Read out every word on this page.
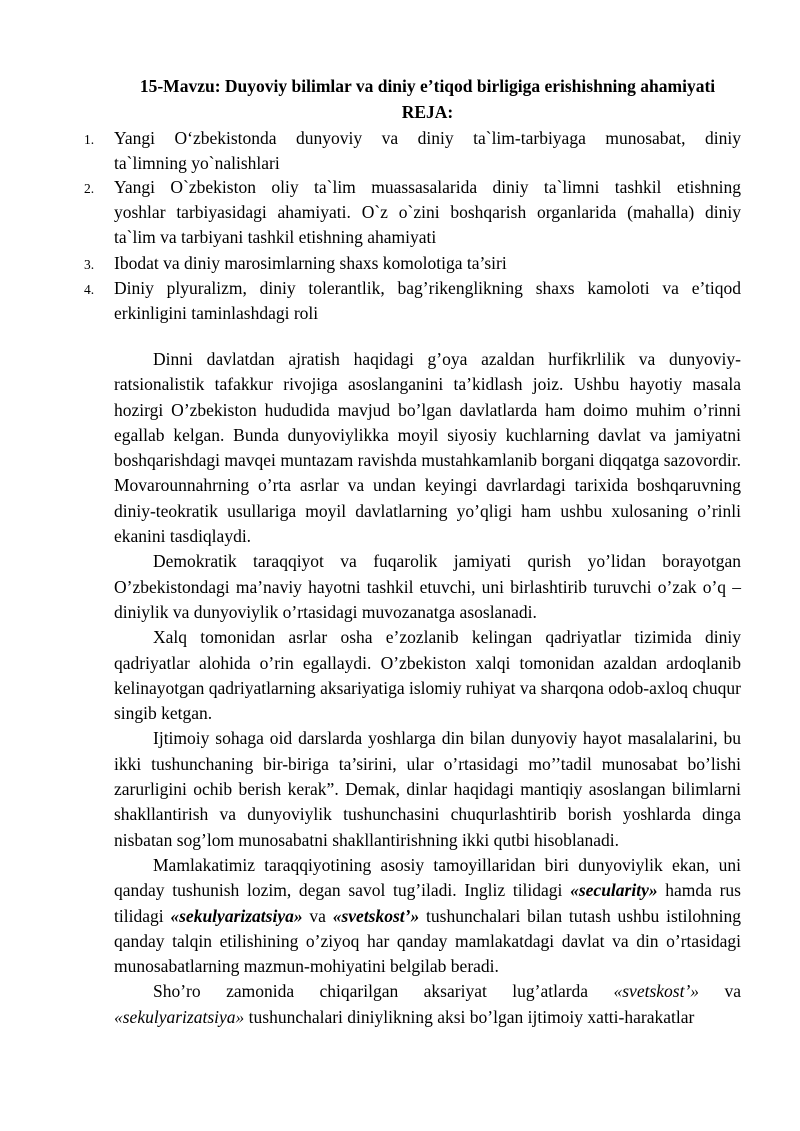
15-Mavzu: Duyoviy bilimlar va diniy e’tiqod birligiga erishishning ahamiyati
REJA:
1.	Yangi O‘zbekistonda dunyoviy va diniy ta`lim-tarbiyaga munosabat, diniy
ta`limning yo`nalishlari
2.	Yangi O`zbekiston oliy ta`lim muassasalarida diniy ta`limni tashkil etishning
yoshlar tarbiyasidagi ahamiyati. O`z o`zini boshqarish organlarida (mahalla) diniy
ta`lim va tarbiyani tashkil etishning ahamiyati
3.	Ibodat va diniy marosimlarning shaxs komolotiga ta’siri
4.	Diniy plyuralizm, diniy tolerantlik, bag’rikenglikning shaxs kamoloti va e’tiqod
erkinligini taminlashdagi roli

Dinni davlatdan ajratish haqidagi g’oya azaldan hurfikrlilik va dunyoviy-ratsionalistik tafakkur rivojiga asoslanganini ta’kidlash joiz. Ushbu hayotiy masala hozirgi O’zbekiston hududida mavjud bo’lgan davlatlarda ham doimo muhim o’rinni egallab kelgan. Bunda dunyoviylikka moyil siyosiy kuchlarning davlat va jamiyatni boshqarishdagi mavqei muntazam ravishda mustahkamlanib borgani diqqatga sazovordir. Movarounnahrning o’rta asrlar va undan keyingi davrlardagi tarixida boshqaruvning diniy-teokratik usullariga moyil davlatlarning yo’qligi ham ushbu xulosaning o’rinli ekanini tasdiqlaydi.

Demokratik taraqqiyot va fuqarolik jamiyati qurish yo’lidan borayotgan O’zbekistondagi ma’naviy hayotni tashkil etuvchi, uni birlashtirib turuvchi o’zak o’q – diniylik va dunyoviylik o’rtasidagi muvozanatga asoslanadi.

Xalq tomonidan asrlar osha e’zozlanib kelingan qadriyatlar tizimida diniy qadriyatlar alohida o’rin egallaydi. O’zbekiston xalqi tomonidan azaldan ardoqlanib kelinayotgan qadriyatlarning aksariyatiga islomiy ruhiyat va sharqona odob-axloq chuqur singib ketgan.

Ijtimoiy sohaga oid darslarda yoshlarga din bilan dunyoviy hayot masalalarini, bu ikki tushunchaning bir-biriga ta’sirini, ular o’rtasidagi mo’’tadil munosabat bo’lishi zarurligini ochib berish kerak”. Demak, dinlar haqidagi mantiqiy asoslangan bilimlarni shakllantirish va dunyoviylik tushunchasini chuqurlashtirib borish yoshlarda dinga nisbatan sog’lom munosabatni shakllantirishning ikki qutbi hisoblanadi.

Mamlakatimiz taraqqiyotining asosiy tamoyillaridan biri dunyoviylik ekan, uni qanday tushunish lozim, degan savol tug’iladi. Ingliz tilidagi «secularity» hamda rus tilidagi «sekulyarizatsiya» va «svetskost’» tushunchalari bilan tutash ushbu istilohning qanday talqin etilishining o’ziyoq har qanday mamlakatdagi davlat va din o’rtasidagi munosabatlarning mazmun-mohiyatini belgilab beradi.

Sho’ro zamonida chiqarilgan aksariyat lug’atlarda «svetskost’» va «sekulyarizatsiya» tushunchalari diniylikning aksi bo’lgan ijtimoiy xatti-harakatlar
